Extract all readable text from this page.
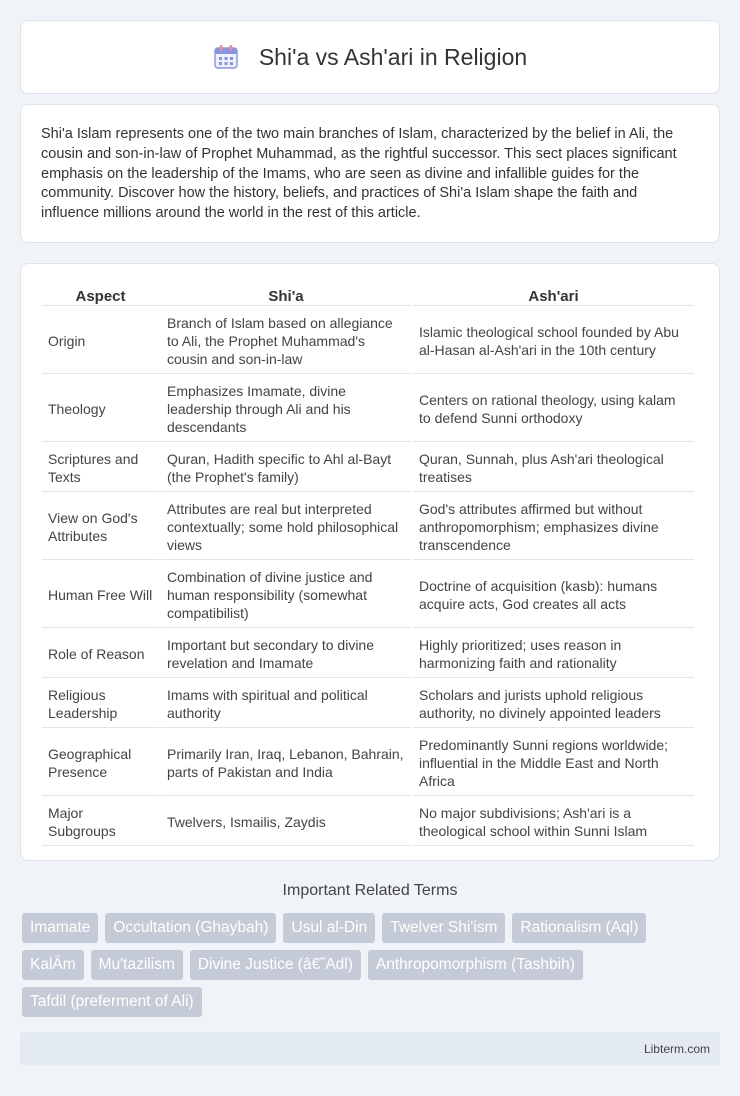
Shi'a vs Ash'ari in Religion

Shi'a Islam represents one of the two main branches of Islam, characterized by the belief in Ali, the cousin and son-in-law of Prophet Muhammad, as the rightful successor. This sect places significant emphasis on the leadership of the Imams, who are seen as divine and infallible guides for the community. Discover how the history, beliefs, and practices of Shi'a Islam shape the faith and influence millions around the world in the rest of this article.

Aspect	Shi'a	Ash'ari
Origin	Branch of Islam based on allegiance to Ali, the Prophet Muhammad's cousin and son-in-law	Islamic theological school founded by Abu al-Hasan al-Ash'ari in the 10th century
Theology	Emphasizes Imamate, divine leadership through Ali and his descendants	Centers on rational theology, using kalam to defend Sunni orthodoxy
Scriptures and Texts	Quran, Hadith specific to Ahl al-Bayt (the Prophet's family)	Quran, Sunnah, plus Ash'ari theological treatises
View on God's Attributes	Attributes are real but interpreted contextually; some hold philosophical views	God's attributes affirmed but without anthropomorphism; emphasizes divine transcendence
Human Free Will	Combination of divine justice and human responsibility (somewhat compatibilist)	Doctrine of acquisition (kasb): humans acquire acts, God creates all acts
Role of Reason	Important but secondary to divine revelation and Imamate	Highly prioritized; uses reason in harmonizing faith and rationality
Religious Leadership	Imams with spiritual and political authority	Scholars and jurists uphold religious authority, no divinely appointed leaders
Geographical Presence	Primarily Iran, Iraq, Lebanon, Bahrain, parts of Pakistan and India	Predominantly Sunni regions worldwide; influential in the Middle East and North Africa
Major Subgroups	Twelvers, Ismailis, Zaydis	No major subdivisions; Ash'ari is a theological school within Sunni Islam
Important Related Terms
Imamate	Occultation (Ghaybah)	Usul al-Din	Twelver Shi'ism	Rationalism (Aql)
KalÄm	Mu'tazilism	Divine Justice (â€˜Adl)	Anthropomorphism (Tashbih)
Tafdil (preferment of Ali)
Libterm.com
